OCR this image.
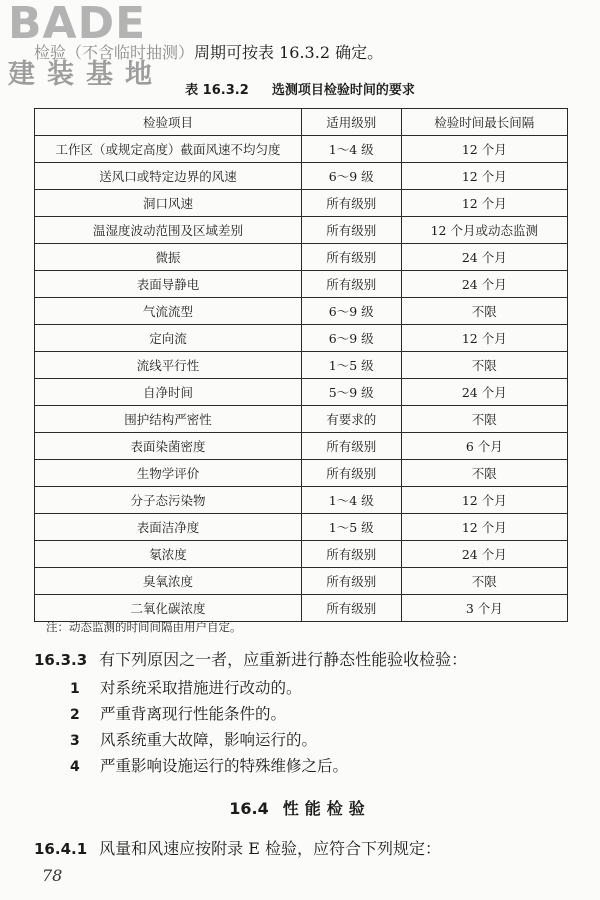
BADE
建装基地
检验（不含临时抽测）周期可按表 16.3.2 确定。
表 16.3.2 选测项目检验时间的要求
检验项目	适用级别	检验时间最长间隔
工作区（或规定高度）截面风速不均匀度	1～4 级	12 个月
送风口或特定边界的风速	6～9 级	12 个月
洞口风速	所有级别	12 个月
温湿度波动范围及区域差别	所有级别	12 个月或动态监测
微振	所有级别	24 个月
表面导静电	所有级别	24 个月
气流流型	6～9 级	不限
定向流	6～9 级	12 个月
流线平行性	1～5 级	不限
自净时间	5～9 级	24 个月
围护结构严密性	有要求的	不限
表面染菌密度	所有级别	6 个月
生物学评价	所有级别	不限
分子态污染物	1～4 级	12 个月
表面洁净度	1～5 级	12 个月
氡浓度	所有级别	24 个月
臭氧浓度	所有级别	不限
二氧化碳浓度	所有级别	3 个月
注：动态监测的时间间隔由用户自定。
16.3.3 有下列原因之一者，应重新进行静态性能验收检验：
1 对系统采取措施进行改动的。
2 严重背离现行性能条件的。
3 风系统重大故障，影响运行的。
4 严重影响设施运行的特殊维修之后。
16.4 性能检验
16.4.1 风量和风速应按附录 E 检验，应符合下列规定：
78
